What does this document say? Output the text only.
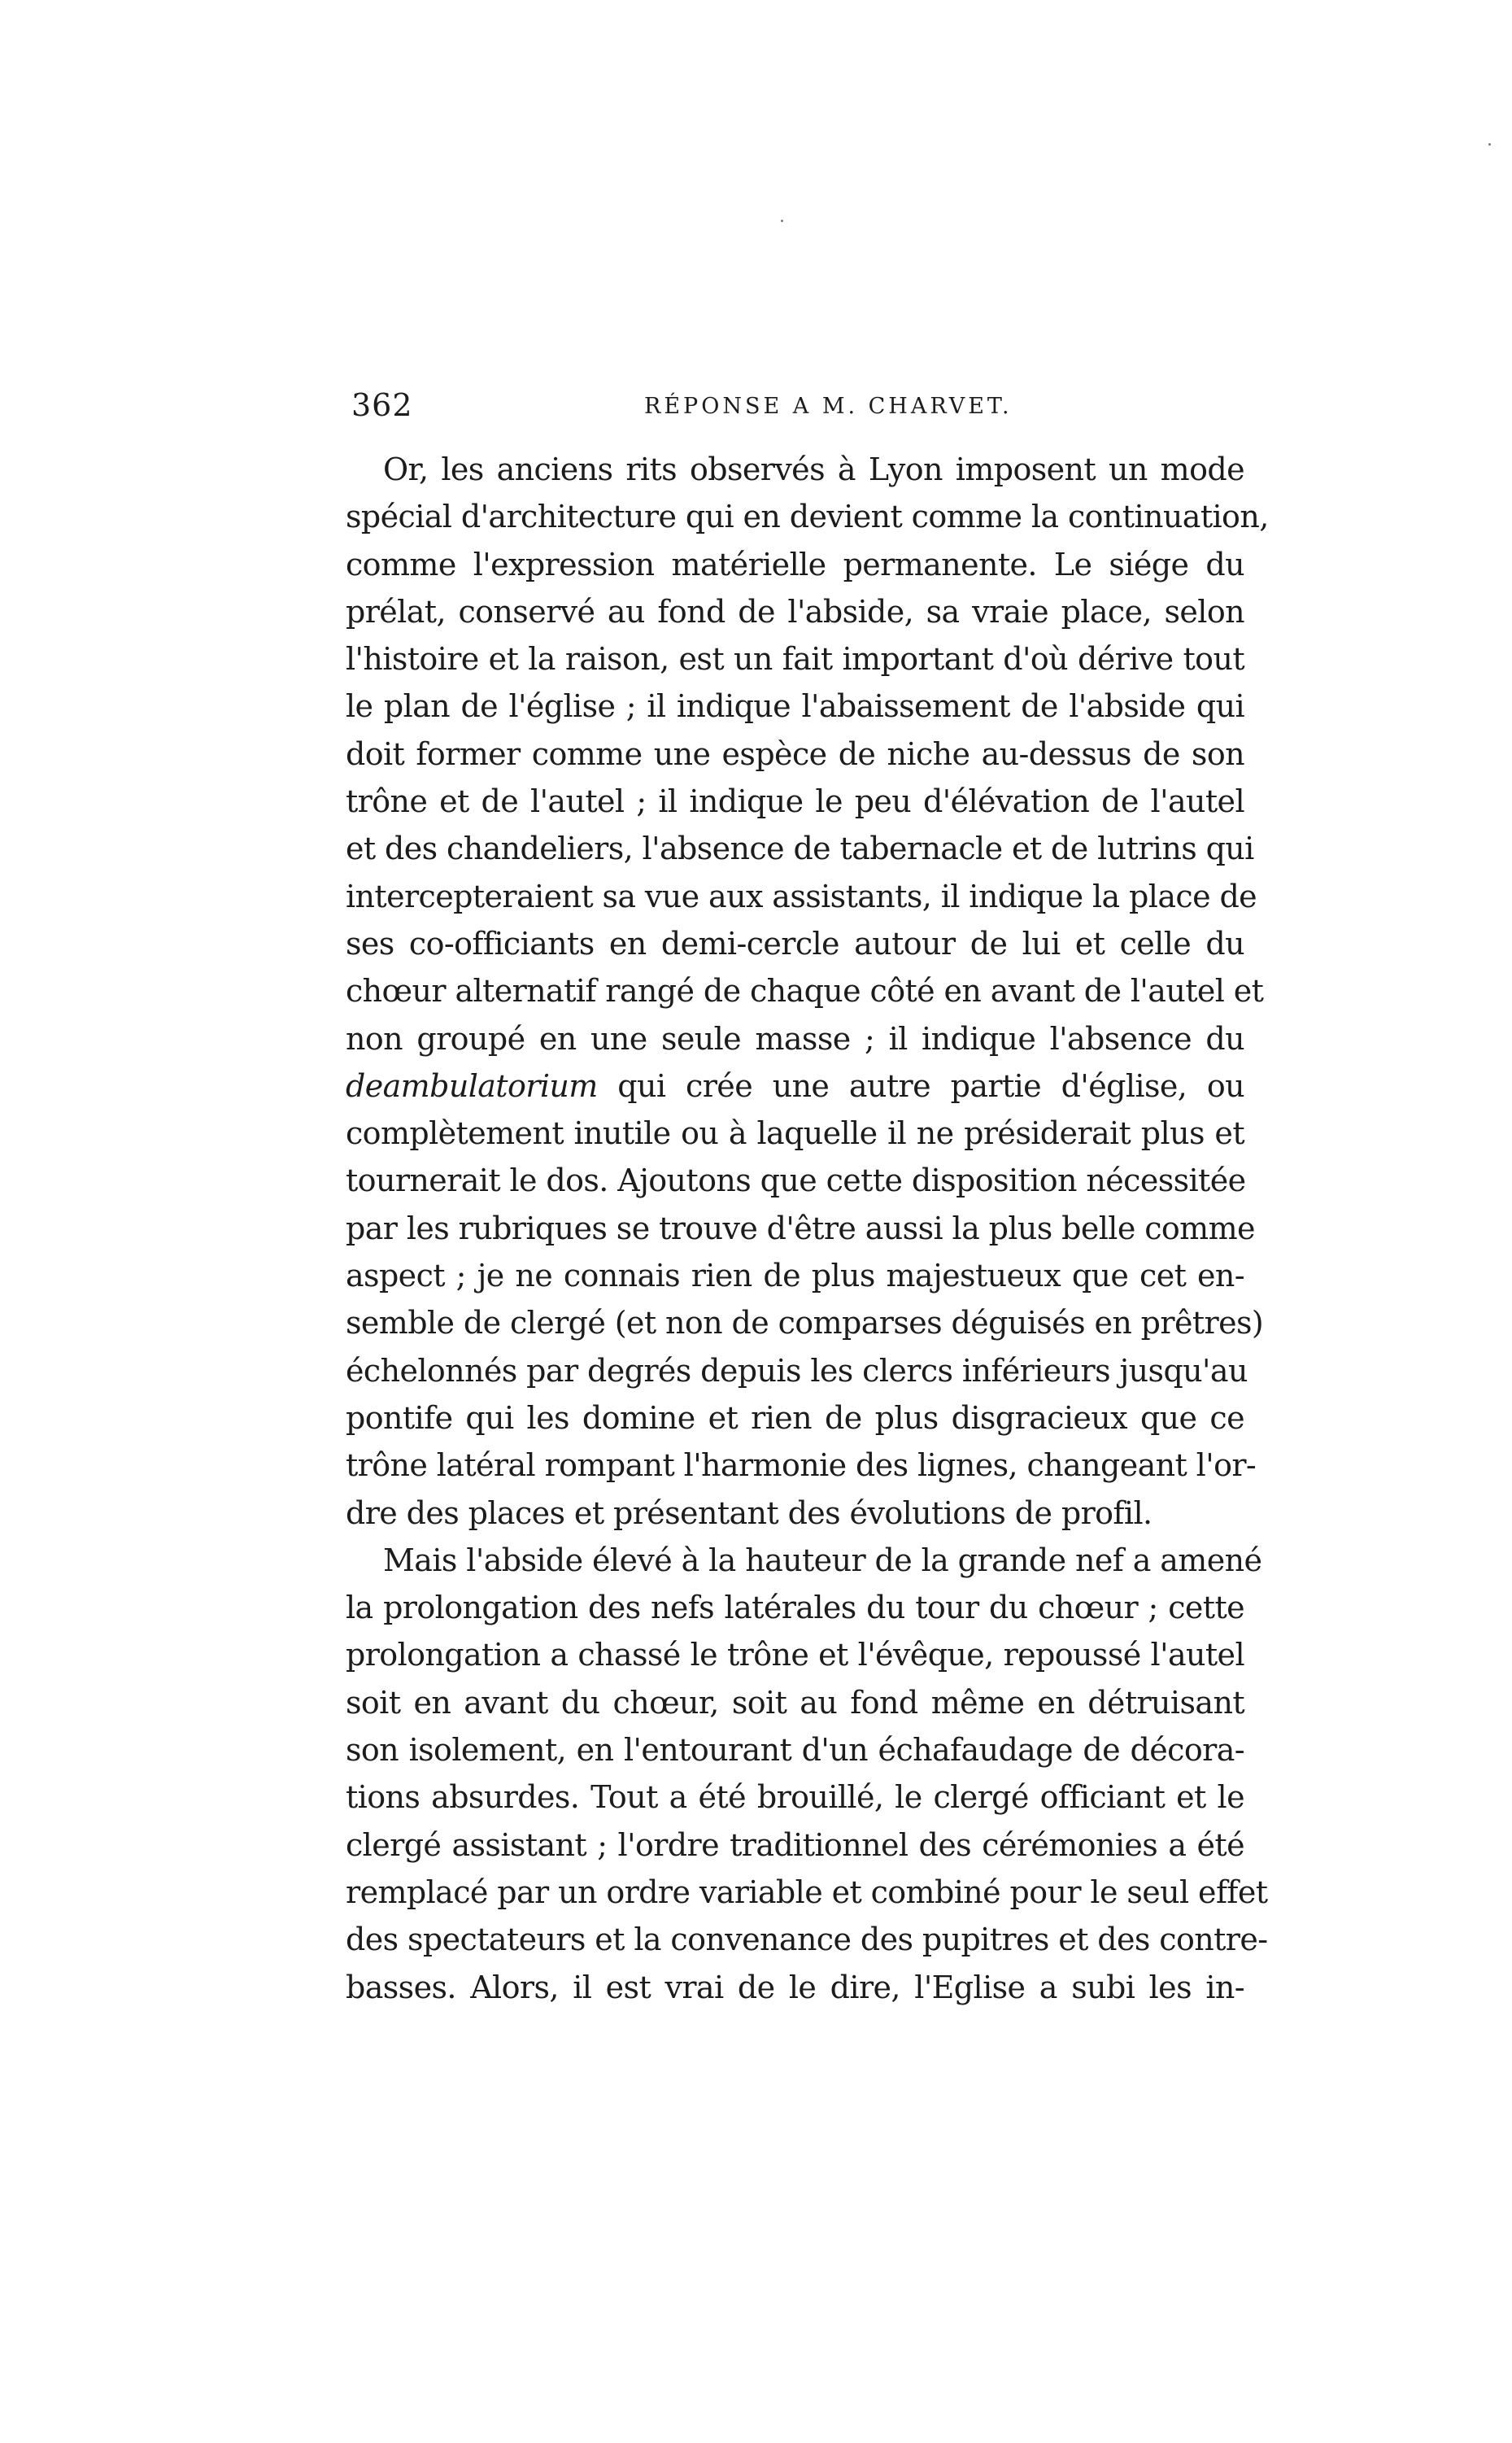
362	RÉPONSE A M. CHARVET.
Or, les anciens rits observés à Lyon imposent un mode
spécial d'architecture qui en devient comme la continuation,
comme l'expression matérielle permanente. Le siége du
prélat, conservé au fond de l'abside, sa vraie place, selon
l'histoire et la raison, est un fait important d'où dérive tout
le plan de l'église ; il indique l'abaissement de l'abside qui
doit former comme une espèce de niche au-dessus de son
trône et de l'autel ; il indique le peu d'élévation de l'autel
et des chandeliers, l'absence de tabernacle et de lutrins qui
intercepteraient sa vue aux assistants, il indique la place de
ses co-officiants en demi-cercle autour de lui et celle du
chœur alternatif rangé de chaque côté en avant de l'autel et
non groupé en une seule masse ; il indique l'absence du
deambulatorium qui crée une autre partie d'église, ou
complètement inutile ou à laquelle il ne présiderait plus et
tournerait le dos. Ajoutons que cette disposition nécessitée
par les rubriques se trouve d'être aussi la plus belle comme
aspect ; je ne connais rien de plus majestueux que cet en-
semble de clergé (et non de comparses déguisés en prêtres)
échelonnés par degrés depuis les clercs inférieurs jusqu'au
pontife qui les domine et rien de plus disgracieux que ce
trône latéral rompant l'harmonie des lignes, changeant l'or-
dre des places et présentant des évolutions de profil.
Mais l'abside élevé à la hauteur de la grande nef a amené
la prolongation des nefs latérales du tour du chœur ; cette
prolongation a chassé le trône et l'évêque, repoussé l'autel
soit en avant du chœur, soit au fond même en détruisant
son isolement, en l'entourant d'un échafaudage de décora-
tions absurdes. Tout a été brouillé, le clergé officiant et le
clergé assistant ; l'ordre traditionnel des cérémonies a été
remplacé par un ordre variable et combiné pour le seul effet
des spectateurs et la convenance des pupitres et des contre-
basses. Alors, il est vrai de le dire, l'Eglise a subi les in-
